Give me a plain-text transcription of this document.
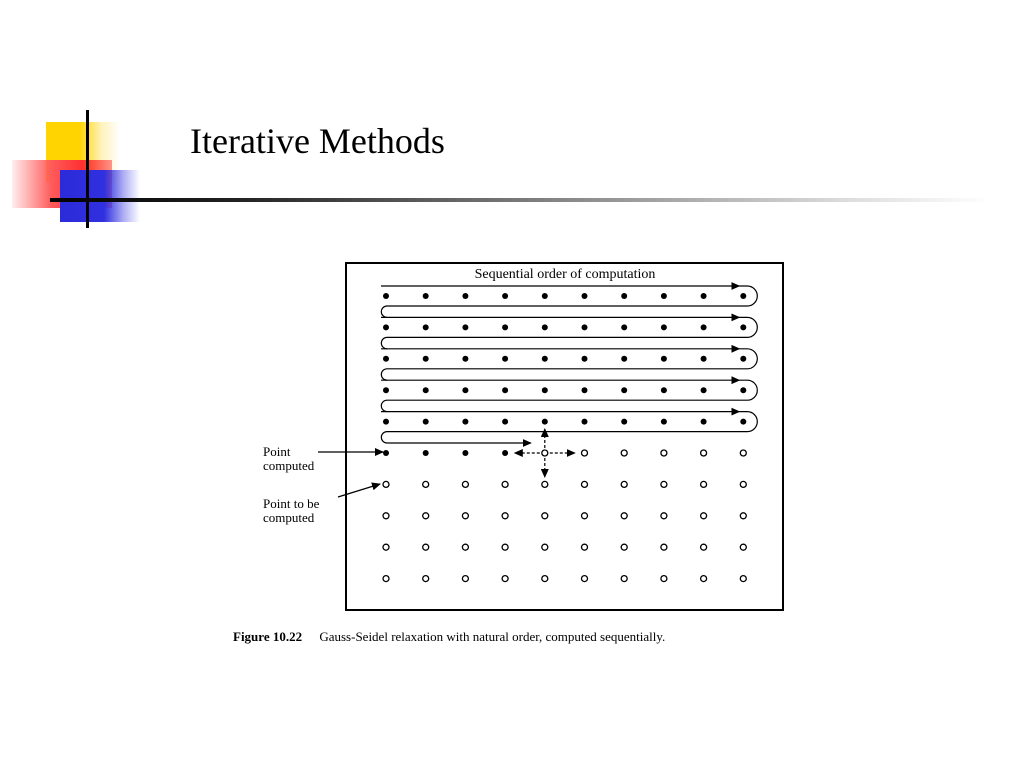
Iterative Methods
Sequential order of computation
Point
computed
Point to be
computed
Figure 10.22 Gauss-Seidel relaxation with natural order, computed sequentially.
